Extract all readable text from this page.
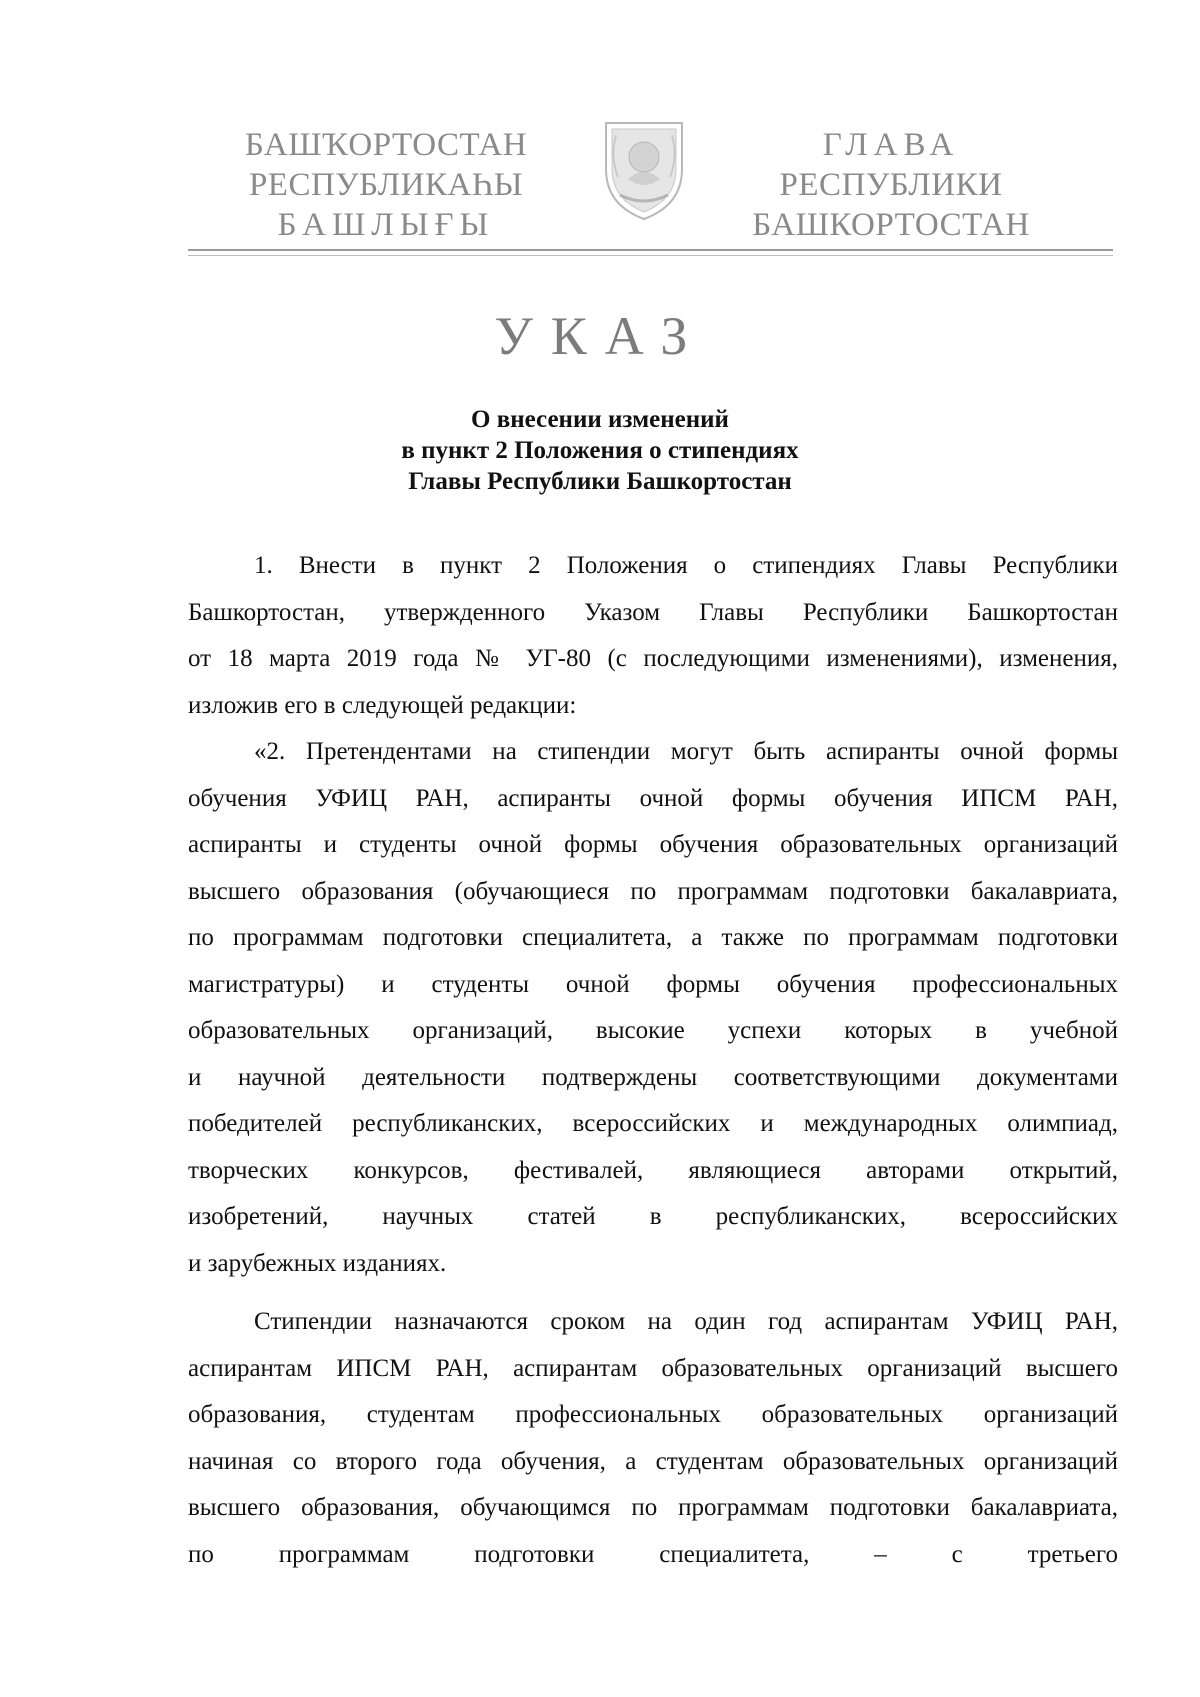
БАШҠОРТОСТАН
РЕСПУБЛИКАҺЫ
БАШЛЫҒЫ
ГЛАВА
РЕСПУБЛИКИ
БАШКОРТОСТАН
УКАЗ
О внесении изменений
в пункт 2 Положения о стипендиях
Главы Республики Башкортостан
1. Внести в пункт 2 Положения о стипендиях Главы Республики
Башкортостан, утвержденного Указом Главы Республики Башкортостан
от 18 марта 2019 года № УГ-80 (с последующими изменениями), изменения,
изложив его в следующей редакции:
«2. Претендентами на стипендии могут быть аспиранты очной формы
обучения УФИЦ РАН, аспиранты очной формы обучения ИПСМ РАН,
аспиранты и студенты очной формы обучения образовательных организаций
высшего образования (обучающиеся по программам подготовки бакалавриата,
по программам подготовки специалитета, а также по программам подготовки
магистратуры) и студенты очной формы обучения профессиональных
образовательных организаций, высокие успехи которых в учебной
и научной деятельности подтверждены соответствующими документами
победителей республиканских, всероссийских и международных олимпиад,
творческих конкурсов, фестивалей, являющиеся авторами открытий,
изобретений, научных статей в республиканских, всероссийских
и зарубежных изданиях.
Стипендии назначаются сроком на один год аспирантам УФИЦ РАН,
аспирантам ИПСМ РАН, аспирантам образовательных организаций высшего
образования, студентам профессиональных образовательных организаций
начиная со второго года обучения, а студентам образовательных организаций
высшего образования, обучающимся по программам подготовки бакалавриата,
по программам подготовки специалитета, – с третьего
